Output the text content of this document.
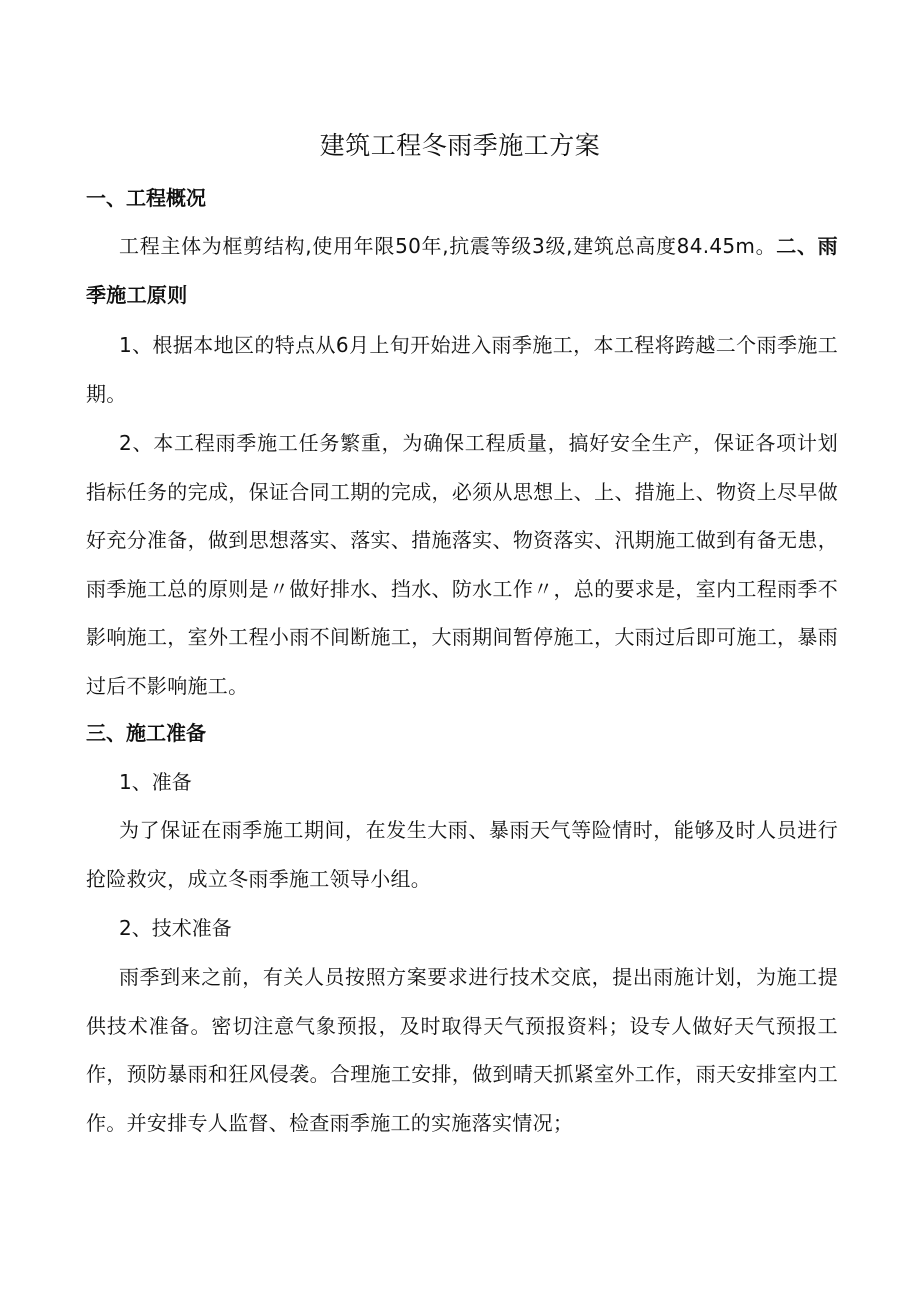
建筑工程冬雨季施工方案
一、工程概况
工程主体为框剪结构,使用年限50年,抗震等级3级,建筑总高度84.45m。二、雨季施工原则
1、根据本地区的特点从6月上旬开始进入雨季施工，本工程将跨越二个雨季施工期。
2、本工程雨季施工任务繁重，为确保工程质量，搞好安全生产，保证各项计划指标任务的完成，保证合同工期的完成，必须从思想上、上、措施上、物资上尽早做好充分准备，做到思想落实、落实、措施落实、物资落实、汛期施工做到有备无患，雨季施工总的原则是〃做好排水、挡水、防水工作〃，总的要求是，室内工程雨季不影响施工，室外工程小雨不间断施工，大雨期间暂停施工，大雨过后即可施工，暴雨过后不影响施工。
三、施工准备
1、准备
为了保证在雨季施工期间，在发生大雨、暴雨天气等险情时，能够及时人员进行抢险救灾，成立冬雨季施工领导小组。
2、技术准备
雨季到来之前，有关人员按照方案要求进行技术交底，提出雨施计划，为施工提供技术准备。密切注意气象预报，及时取得天气预报资料；设专人做好天气预报工作，预防暴雨和狂风侵袭。合理施工安排，做到晴天抓紧室外工作，雨天安排室内工作。并安排专人监督、检查雨季施工的实施落实情况；
